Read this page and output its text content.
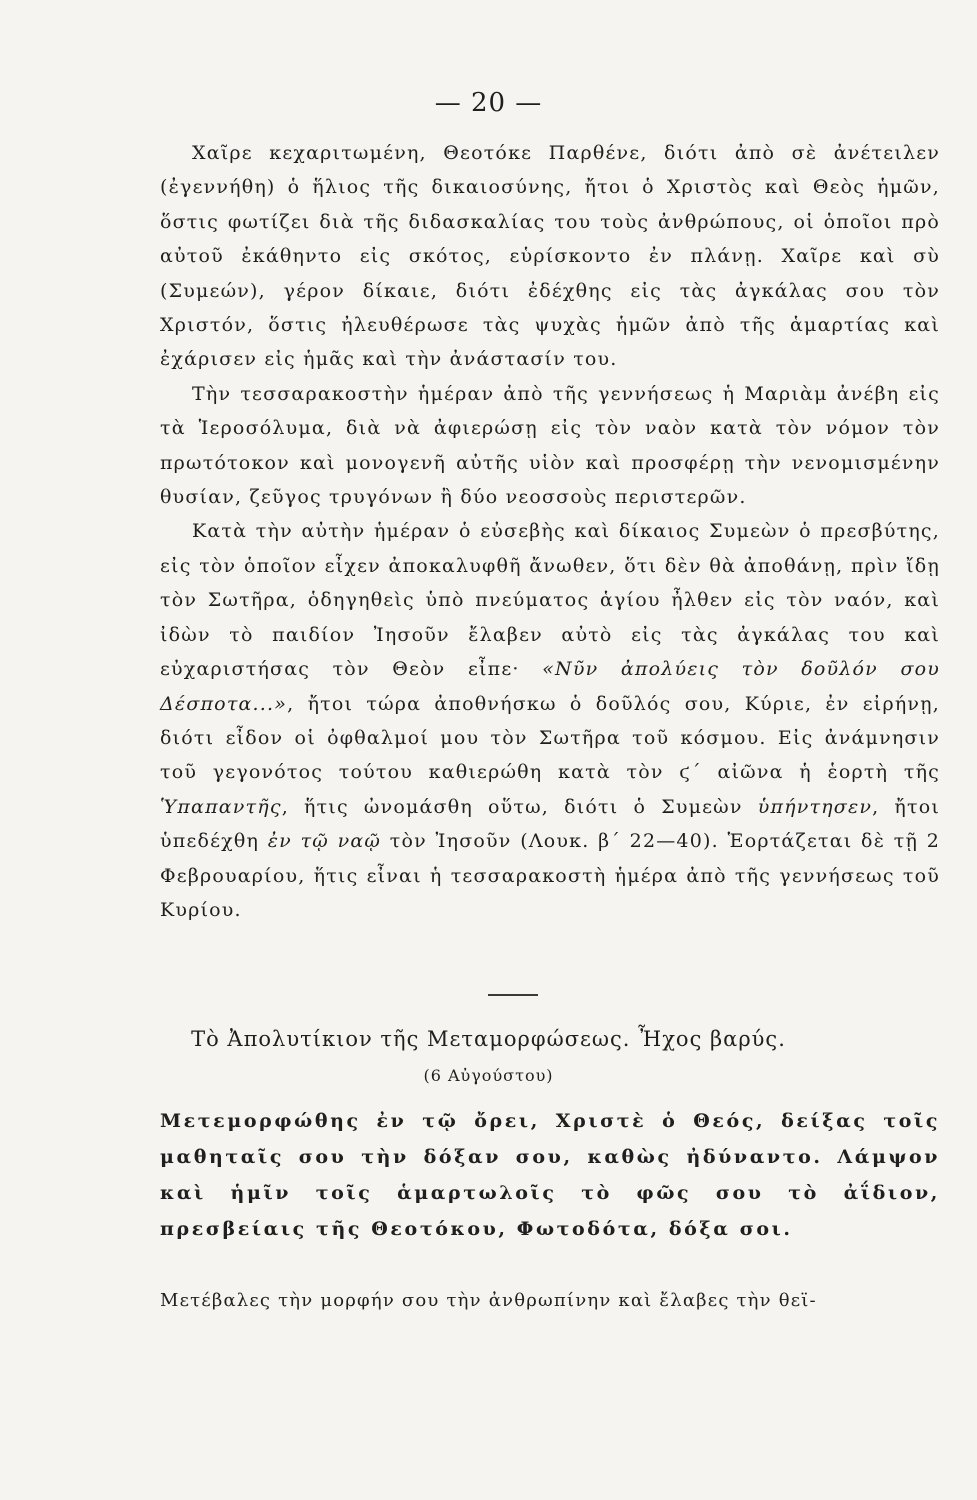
— 20 —

Χαῖρε κεχαριτωμένη, Θεοτόκε Παρθένε, διότι ἀπὸ σὲ ἀνέτειλεν (ἐγεννήθη) ὁ ἥλιος τῆς δικαιοσύνης, ἤτοι ὁ Χριστὸς καὶ Θεὸς ἡμῶν, ὅστις φωτίζει διὰ τῆς διδασκαλίας του τοὺς ἀνθρώπους, οἱ ὁποῖοι πρὸ αὐτοῦ ἐκάθηντο εἰς σκότος, εὑρίσκοντο ἐν πλάνῃ. Χαῖρε καὶ σὺ (Συμεών), γέρον δίκαιε, διότι ἐδέχθης εἰς τὰς ἀγκάλας σου τὸν Χριστόν, ὅστις ἠλευθέρωσε τὰς ψυχὰς ἡμῶν ἀπὸ τῆς ἁμαρτίας καὶ ἐχάρισεν εἰς ἡμᾶς καὶ τὴν ἀνάστασίν του.

Τὴν τεσσαρακοστὴν ἡμέραν ἀπὸ τῆς γεννήσεως ἡ Μαριὰμ ἀνέβη εἰς τὰ Ἱεροσόλυμα, διὰ νὰ ἀφιερώσῃ εἰς τὸν ναὸν κατὰ τὸν νόμον τὸν πρωτότοκον καὶ μονογενῆ αὐτῆς υἱὸν καὶ προσφέρῃ τὴν νενομισμένην θυσίαν, ζεῦγος τρυγόνων ἢ δύο νεοσσοὺς περιστερῶν.

Κατὰ τὴν αὐτὴν ἡμέραν ὁ εὐσεβὴς καὶ δίκαιος Συμεὼν ὁ πρεσβύτης, εἰς τὸν ὁποῖον εἶχεν ἀποκαλυφθῆ ἄνωθεν, ὅτι δὲν θὰ ἀποθάνῃ, πρὶν ἴδῃ τὸν Σωτῆρα, ὁδηγηθεὶς ὑπὸ πνεύματος ἁγίου ἦλθεν εἰς τὸν ναόν, καὶ ἰδὼν τὸ παιδίον Ἰησοῦν ἔλαβεν αὐτὸ εἰς τὰς ἀγκάλας του καὶ εὐχαριστήσας τὸν Θεὸν εἶπε· «Νῦν ἀπολύεις τὸν δοῦλόν σου Δέσποτα...», ἤτοι τώρα ἀποθνήσκω ὁ δοῦλός σου, Κύριε, ἐν εἰρήνῃ, διότι εἶδον οἱ ὀφθαλμοί μου τὸν Σωτῆρα τοῦ κόσμου. Εἰς ἀνάμνησιν τοῦ γεγονότος τούτου καθιερώθη κατὰ τὸν ϛ΄ αἰῶνα ἡ ἑορτὴ τῆς Ὑπαπαντῆς, ἥτις ὠνομάσθη οὕτω, διότι ὁ Συμεὼν ὑπήντησεν, ἤτοι ὑπεδέχθη ἐν τῷ ναῷ τὸν Ἰησοῦν (Λουκ. β΄ 22—40). Ἑορτάζεται δὲ τῇ 2 Φεβρουαρίου, ἥτις εἶναι ἡ τεσσαρακοστὴ ἡμέρα ἀπὸ τῆς γεννήσεως τοῦ Κυρίου.

Τὸ Ἀπολυτίκιον τῆς Μεταμορφώσεως. Ἦχος βαρύς.
(6 Αὐγούστου)
Μετεμορφώθης ἐν τῷ ὄρει, Χριστὲ ὁ Θεός, δείξας τοῖς μαθηταῖς σου τὴν δόξαν σου, καθὼς ἠδύναντο. Λάμψον καὶ ἡμῖν τοῖς ἁμαρτωλοῖς τὸ φῶς σου τὸ ἀΐδιον, πρεσβείαις τῆς Θεοτόκου, Φωτοδότα, δόξα σοι.
Μετέβαλες τὴν μορφήν σου τὴν ἀνθρωπίνην καὶ ἔλαβες τὴν θεϊ-
